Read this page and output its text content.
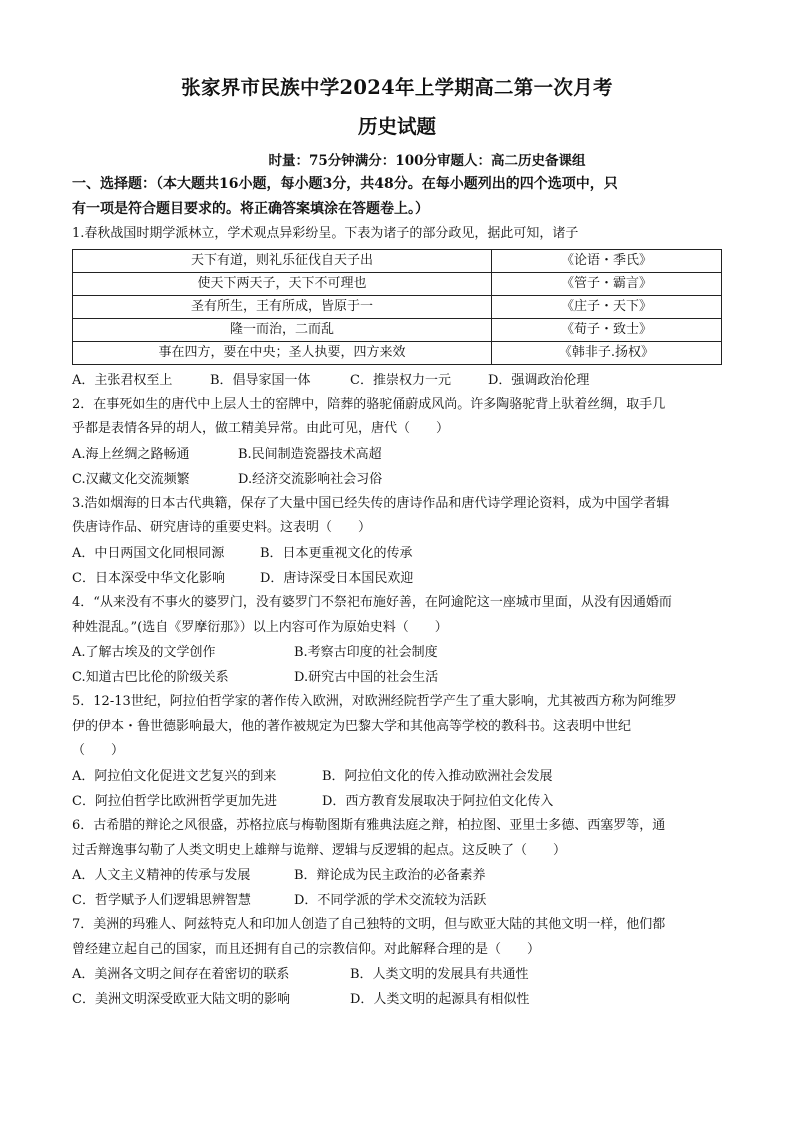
张家界市民族中学2024年上学期高二第一次月考
历史试题
时量：75分钟满分：100分审题人：高二历史备课组
一、选择题：（本大题共16小题，每小题3分，共48分。在每小题列出的四个选项中，只
有一项是符合题目要求的。将正确答案填涂在答题卷上。）
1.春秋战国时期学派林立，学术观点异彩纷呈。下表为诸子的部分政见，据此可知，诸子
天下有道，则礼乐征伐自天子出	《论语・季氏》
使天下两天子，天下不可理也	《管子・霸言》
圣有所生，王有所成，皆原于一	《庄子・天下》
隆一而治，二而乱	《荀子・致士》
事在四方，要在中央；圣人执要，四方来效	《韩非子.扬权》
A．主张君权至上	B．倡导家国一体	C．推崇权力一元	D．强调政治伦理
2．在事死如生的唐代中上层人士的窑牌中，陪葬的骆驼俑蔚成风尚。许多陶骆驼背上驮着丝绸，取手几
乎都是表情各异的胡人，做工精美异常。由此可见，唐代（　　）
A.海上丝绸之路畅通	B.民间制造瓷器技术高超
C.汉藏文化交流频繁	D.经济交流影响社会习俗
3.浩如烟海的日本古代典籍，保存了大量中国已经失传的唐诗作品和唐代诗学理论资料，成为中国学者辑
佚唐诗作品、研究唐诗的重要史料。这表明（　　）
A．中日两国文化同根同源	B．日本更重视文化的传承
C．日本深受中华文化影响	D．唐诗深受日本国民欢迎
4．“从来没有不事火的婆罗门，没有婆罗门不祭祀布施好善，在阿逾陀这一座城市里面，从没有因通婚而
种姓混乱。”(选自《罗摩衍那》）以上内容可作为原始史料（　　）
A.了解古埃及的文学创作	B.考察古印度的社会制度
C.知道古巴比伦的阶级关系	D.研究古中国的社会生活
5．12-13世纪，阿拉伯哲学家的著作传入欧洲，对欧洲经院哲学产生了重大影响，尤其被西方称为阿维罗
伊的伊本・鲁世德影响最大，他的著作被规定为巴黎大学和其他高等学校的教科书。这表明中世纪
（　　）
A．阿拉伯文化促进文艺复兴的到来	B．阿拉伯文化的传入推动欧洲社会发展
C．阿拉伯哲学比欧洲哲学更加先进	D．西方教育发展取决于阿拉伯文化传入
6．古希腊的辩论之风很盛，苏格拉底与梅勒图斯有雅典法庭之辩，柏拉图、亚里士多德、西塞罗等，通
过舌辩逸事勾勒了人类文明史上雄辩与诡辩、逻辑与反逻辑的起点。这反映了（　　）
A．人文主义精神的传承与发展	B．辩论成为民主政治的必备素养
C．哲学赋予人们逻辑思辨智慧	D．不同学派的学术交流较为活跃
7．美洲的玛雅人、阿兹特克人和印加人创造了自己独特的文明，但与欧亚大陆的其他文明一样，他们都
曾经建立起自己的国家，而且还拥有自己的宗教信仰。对此解释合理的是（　　）
A．美洲各文明之间存在着密切的联系	B．人类文明的发展具有共通性
C．美洲文明深受欧亚大陆文明的影响	D．人类文明的起源具有相似性
